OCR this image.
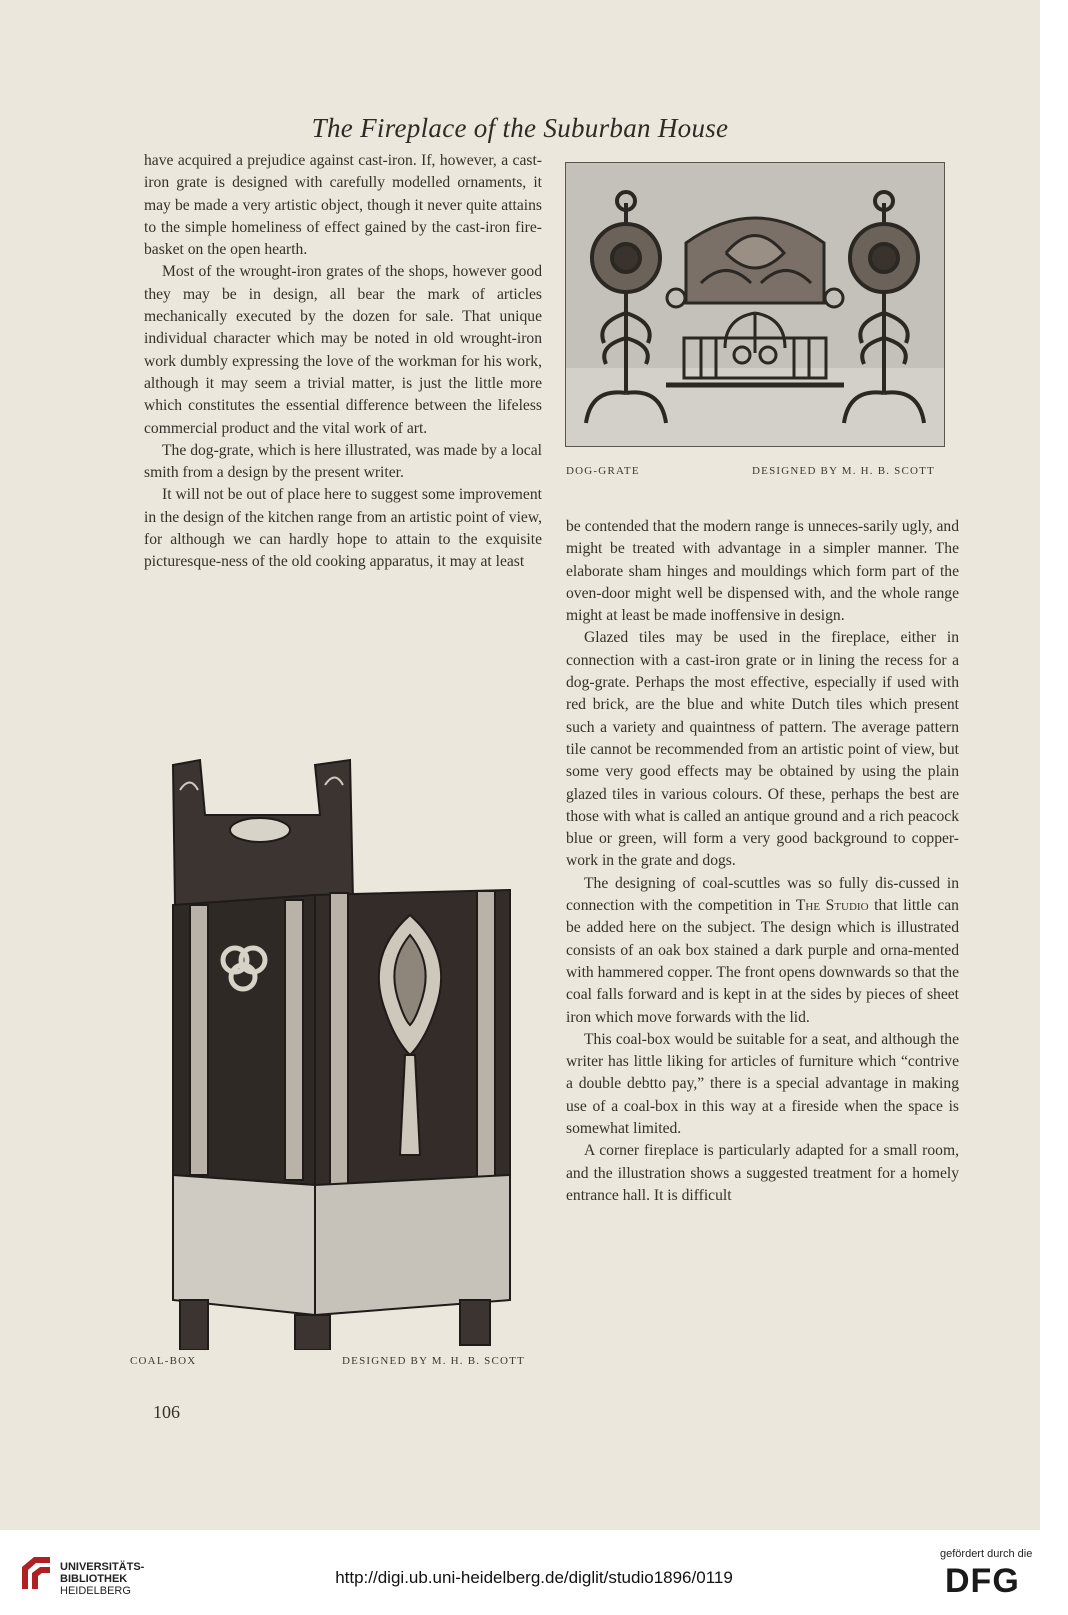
The Fireplace of the Suburban House

have acquired a prejudice against cast-iron. If, however, a cast-iron grate is designed with carefully modelled ornaments, it may be made a very artistic object, though it never quite attains to the simple homeliness of effect gained by the cast-iron fire-basket on the open hearth.

Most of the wrought-iron grates of the shops, however good they may be in design, all bear the mark of articles mechanically executed by the dozen for sale. That unique individual character which may be noted in old wrought-iron work dumbly expressing the love of the workman for his work, although it may seem a trivial matter, is just the little more which constitutes the essential difference between the lifeless commercial product and the vital work of art.

The dog-grate, which is here illustrated, was made by a local smith from a design by the present writer.

It will not be out of place here to suggest some improvement in the design of the kitchen range from an artistic point of view, for although we can hardly hope to attain to the exquisite picturesque-ness of the old cooking apparatus, it may at least

DOG-GRATE	DESIGNED BY M. H. B. SCOTT

be contended that the modern range is unneces-sarily ugly, and might be treated with advantage in a simpler manner. The elaborate sham hinges and mouldings which form part of the oven-door might well be dispensed with, and the whole range might at least be made inoffensive in design.

Glazed tiles may be used in the fireplace, either in connection with a cast-iron grate or in lining the recess for a dog-grate. Perhaps the most effective, especially if used with red brick, are the blue and white Dutch tiles which present such a variety and quaintness of pattern. The average pattern tile cannot be recommended from an artistic point of view, but some very good effects may be obtained by using the plain glazed tiles in various colours. Of these, perhaps the best are those with what is called an antique ground and a rich peacock blue or green, will form a very good background to copper-work in the grate and dogs.

The designing of coal-scuttles was so fully dis-cussed in connection with the competition in The Studio that little can be added here on the subject. The design which is illustrated consists of an oak box stained a dark purple and orna-mented with hammered copper. The front opens downwards so that the coal falls forward and is kept in at the sides by pieces of sheet iron which move forwards with the lid.

This coal-box would be suitable for a seat, and although the writer has little liking for articles of furniture which “contrive a double debtto pay,” there is a special advantage in making use of a coal-box in this way at a fireside when the space is somewhat limited.

A corner fireplace is particularly adapted for a small room, and the illustration shows a suggested treatment for a homely entrance hall. It is difficult

COAL-BOX	DESIGNED BY M. H. B. SCOTT
106
UNIVERSITÄTS-
BIBLIOTHEK
HEIDELBERG
http://digi.ub.uni-heidelberg.de/diglit/studio1896/0119
gefördert durch die
DFG
